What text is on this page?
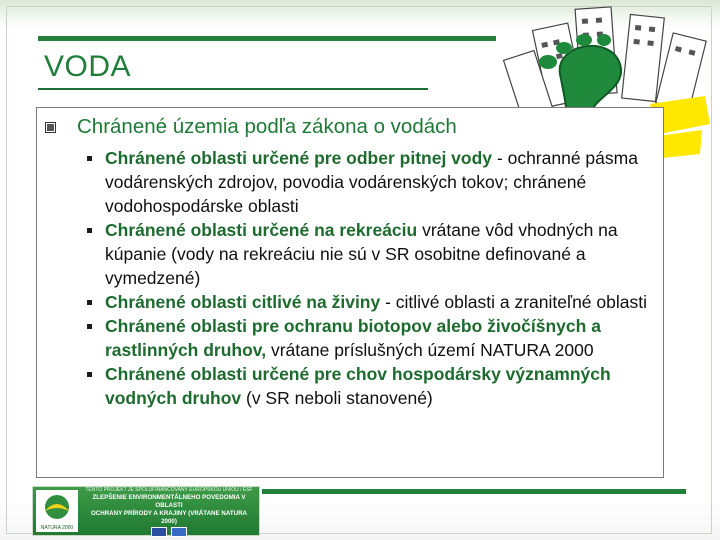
VODA
Chránené územia podľa zákona o vodách
Chránené oblasti určené pre odber pitnej vody - ochranné pásma vodárenských zdrojov, povodia vodárenských tokov; chránené vodohospodárske oblasti
Chránené oblasti určené na rekreáciu vrátane vôd vhodných na kúpanie (vody na rekreáciu nie sú v SR osobitne definované a vymedzené)
Chránené oblasti citlivé na živiny - citlivé oblasti a zraniteľné oblasti
Chránené oblasti pre ochranu biotopov alebo živočíšnych a rastlinných druhov, vrátane príslušných území NATURA 2000
Chránené oblasti určené pre chov hospodársky významných vodných druhov (v SR neboli stanovené)
NATURA 2000
TENTO PROJEKT JE SPOLUFINANCOVANÝ EURÓPSKOU ÚNIOU / ESF
ZLEPŠENIE ENVIRONMENTÁLNEHO POVEDOMIA V OBLASTI
OCHRANY PRÍRODY A KRAJINY (VRÁTANE NATURA 2000)
